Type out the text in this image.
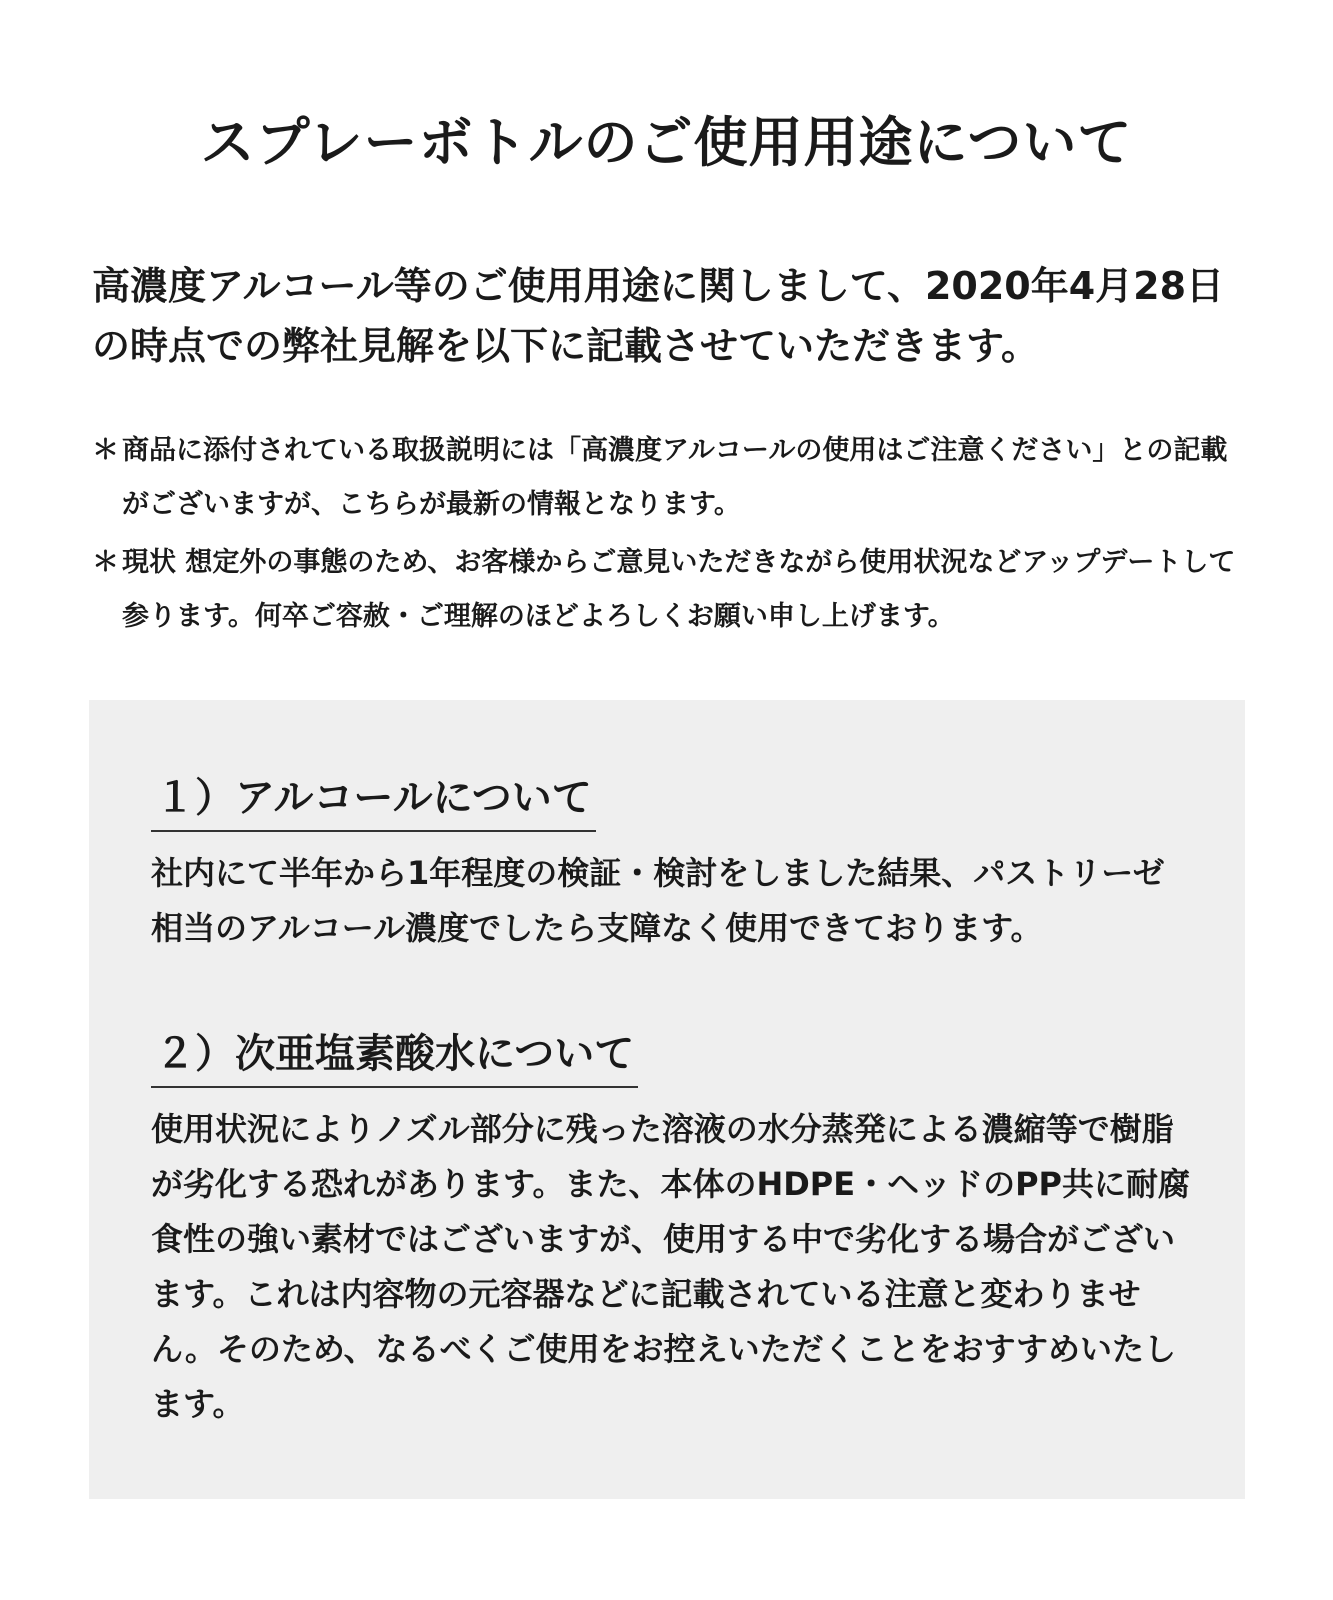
スプレーボトルのご使用用途について

高濃度アルコール等のご使用用途に関しまして、2020年4月28日の時点での弊社見解を以下に記載させていただきます。

＊ 商品に添付されている取扱説明には「高濃度アルコールの使用はご注意ください」との記載がございますが、こちらが最新の情報となります。
＊ 現状 想定外の事態のため、お客様からご意見いただきながら使用状況などアップデートして参ります。何卒ご容赦・ご理解のほどよろしくお願い申し上げます。
１）アルコールについて

社内にて半年から1年程度の検証・検討をしました結果、パストリーゼ相当のアルコール濃度でしたら支障なく使用できております。

２）次亜塩素酸水について

使用状況によりノズル部分に残った溶液の水分蒸発による濃縮等で樹脂が劣化する恐れがあります。また、本体のHDPE・ヘッドのPP共に耐腐食性の強い素材ではございますが、使用する中で劣化する場合がございます。これは内容物の元容器などに記載されている注意と変わりません。そのため、なるべくご使用をお控えいただくことをおすすめいたします。
